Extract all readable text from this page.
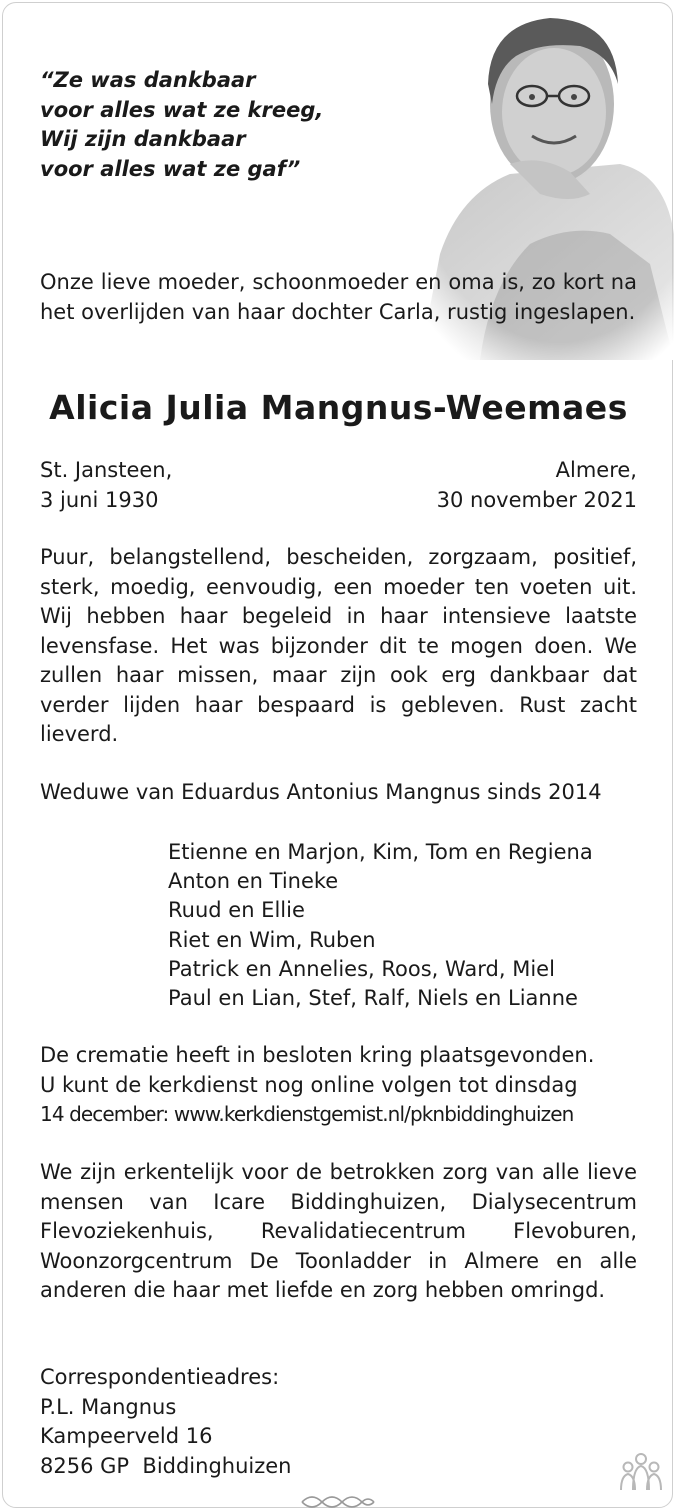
“Ze was dankbaar
voor alles wat ze kreeg,
Wij zijn dankbaar
voor alles wat ze gaf”
Onze lieve moeder, schoonmoeder en oma is, zo kort na het overlijden van haar dochter Carla, rustig ingeslapen.
Alicia Julia Mangnus-Weemaes
St. Jansteen,
3 juni 1930
Almere,
30 november 2021
Puur, belangstellend, bescheiden, zorgzaam, positief, sterk, moedig, eenvoudig, een moeder ten voeten uit. Wij hebben haar begeleid in haar intensieve laatste levensfase. Het was bijzonder dit te mogen doen. We zullen haar missen, maar zijn ook erg dankbaar dat verder lijden haar bespaard is gebleven. Rust zacht lieverd.
Weduwe van Eduardus Antonius Mangnus sinds 2014
Etienne en Marjon, Kim, Tom en Regiena
Anton en Tineke
Ruud en Ellie
Riet en Wim, Ruben
Patrick en Annelies, Roos, Ward, Miel
Paul en Lian, Stef, Ralf, Niels en Lianne
De crematie heeft in besloten kring plaatsgevonden.
U kunt de kerkdienst nog online volgen tot dinsdag
14 december: www.kerkdienstgemist.nl/pknbiddinghuizen
We zijn erkentelijk voor de betrokken zorg van alle lieve mensen van Icare Biddinghuizen, Dialysecentrum Flevoziekenhuis, Revalidatiecentrum Flevoburen, Woonzorgcentrum De Toonladder in Almere en alle anderen die haar met liefde en zorg hebben omringd.
Correspondentieadres:
P.L. Mangnus
Kampeerveld 16
8256 GP  Biddinghuizen
